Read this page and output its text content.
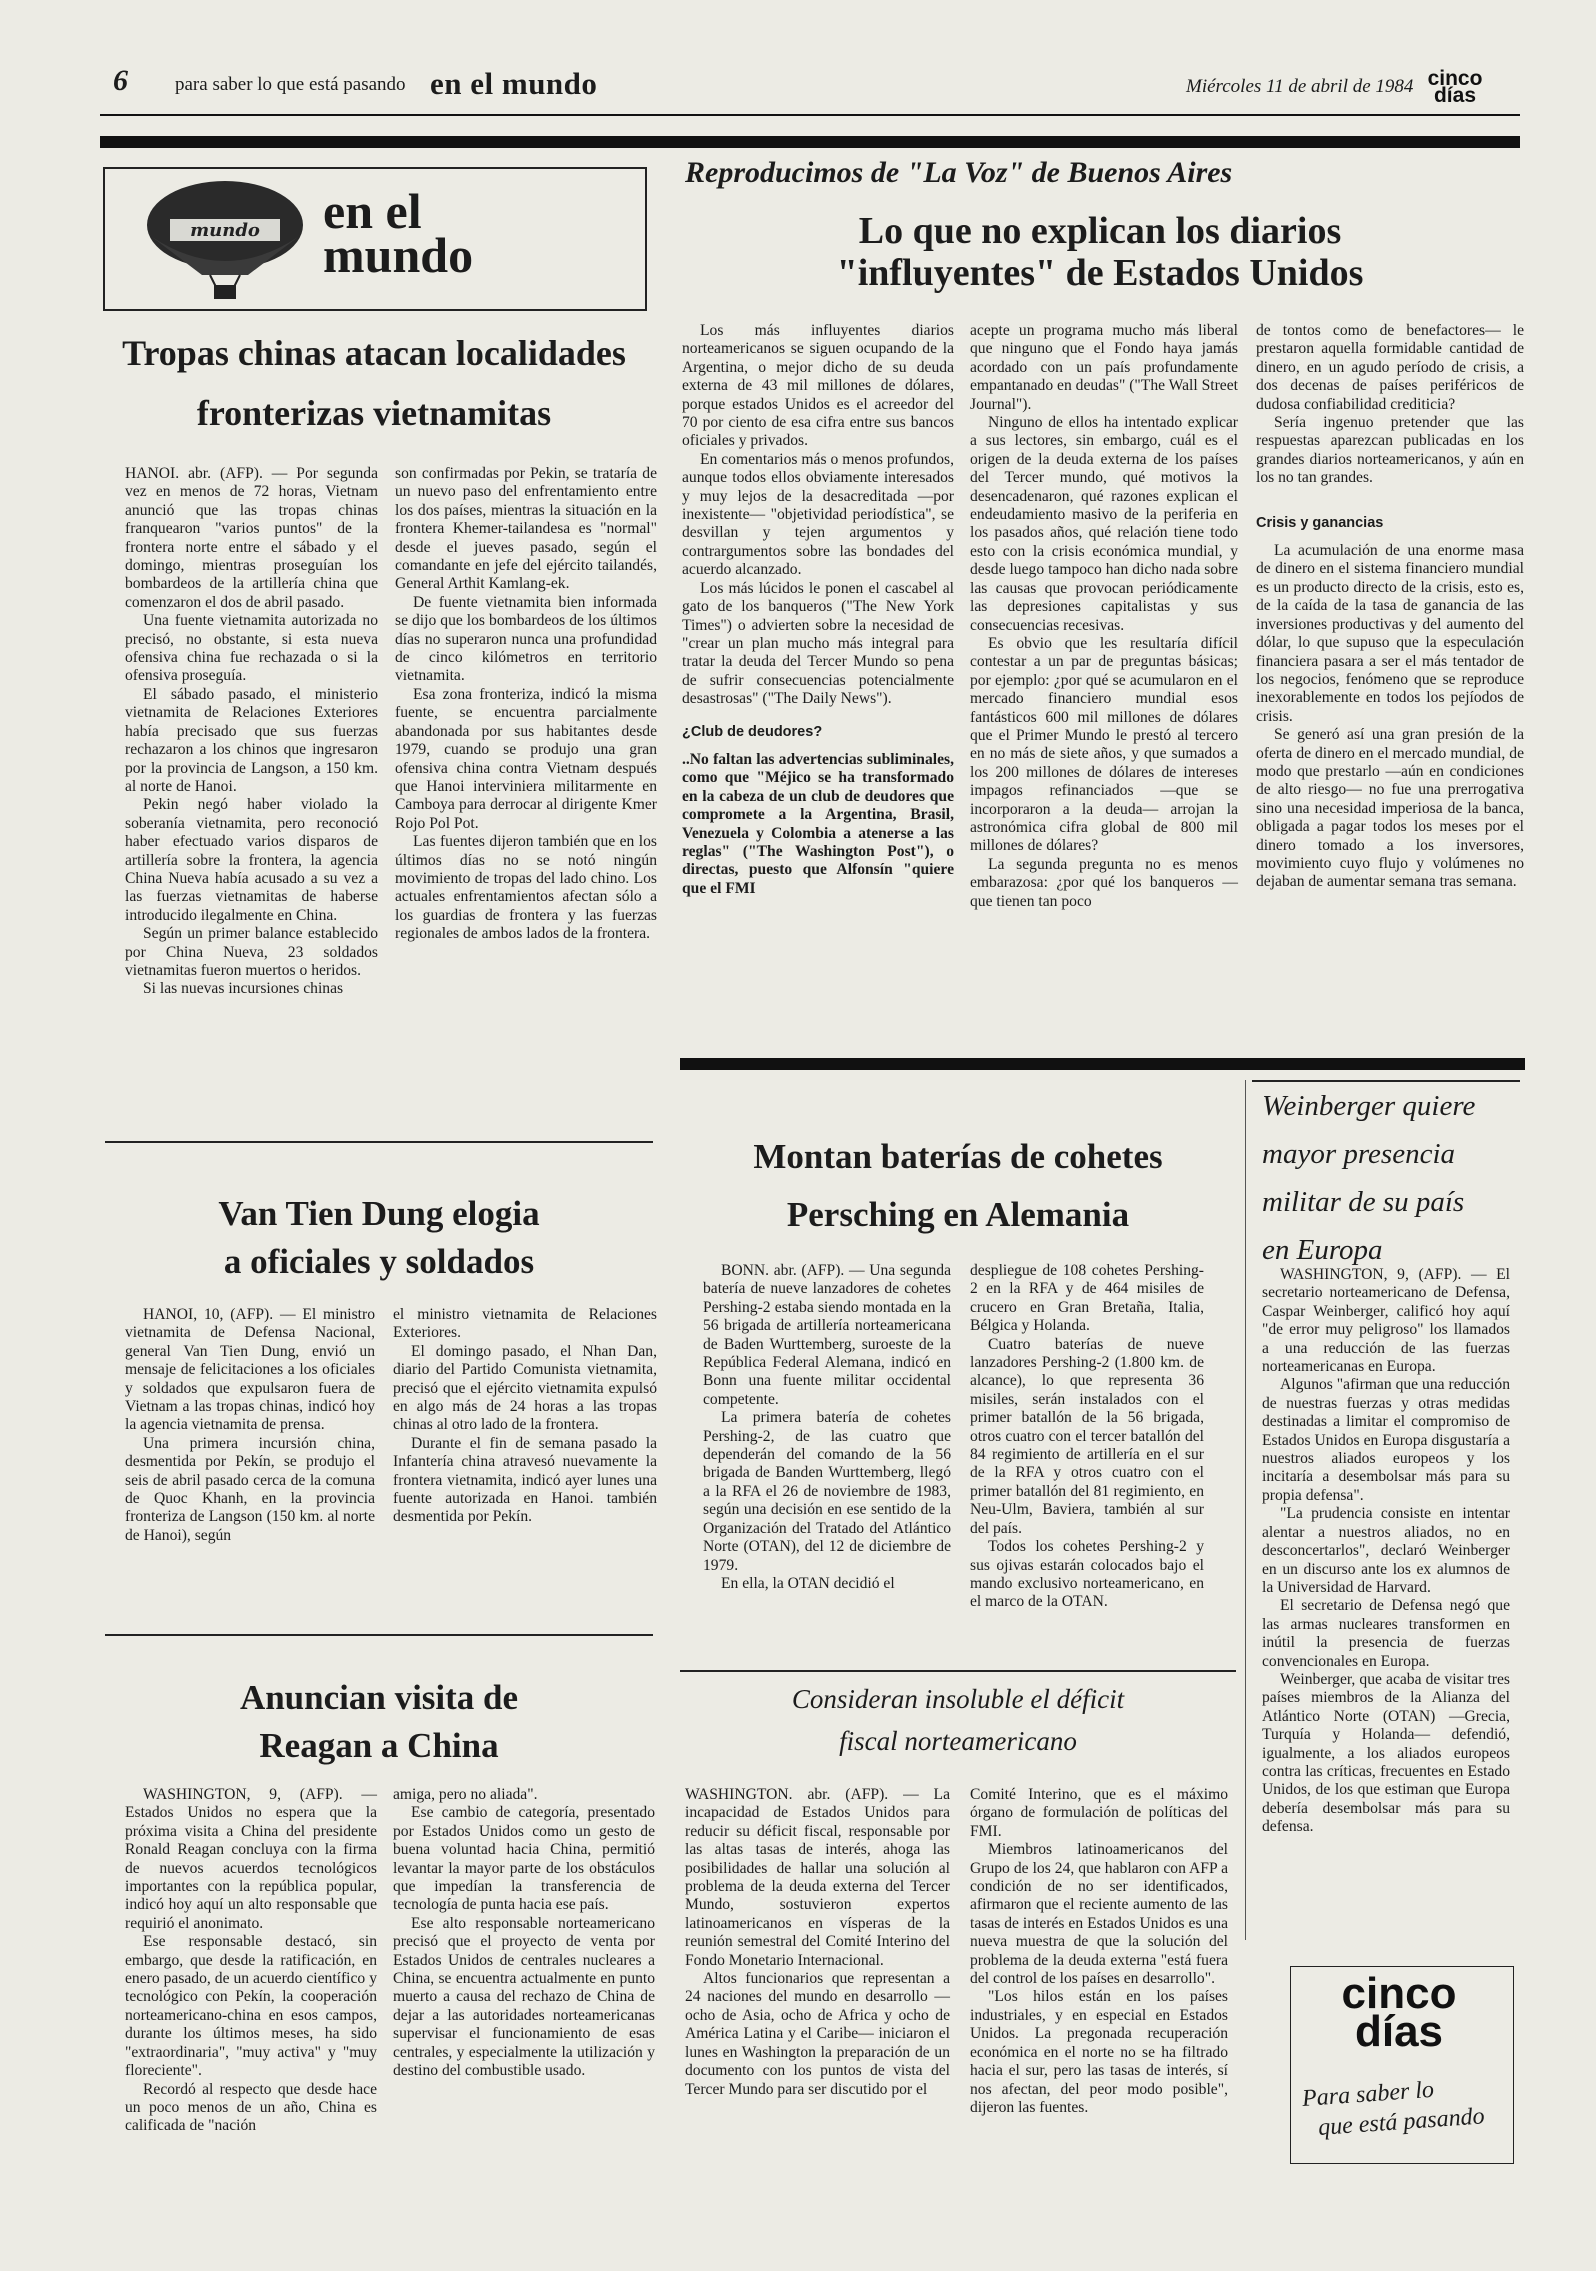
6 para saber lo que está pasando en el mundo	Miércoles 11 de abril de 1984 cinco
días
mundo en el
mundo
Tropas chinas atacan localidades
fronterizas vietnamitas

HANOI. abr. (AFP). — Por segunda vez en menos de 72 horas, Vietnam anunció que las tropas chinas franquearon "varios puntos" de la frontera norte entre el sábado y el domingo, mientras proseguían los bombardeos de la artillería china que comenzaron el dos de abril pasado.

Una fuente vietnamita autorizada no precisó, no obstante, si esta nueva ofensiva china fue rechazada o si la ofensiva proseguía.

El sábado pasado, el ministerio vietnamita de Relaciones Exteriores había precisado que sus fuerzas rechazaron a los chinos que ingresaron por la provincia de Langson, a 150 km. al norte de Hanoi.

Pekin negó haber violado la soberanía vietnamita, pero reconoció haber efectuado varios disparos de artillería sobre la frontera, la agencia China Nueva había acusado a su vez a las fuerzas vietnamitas de haberse introducido ilegalmente en China.

Según un primer balance establecido por China Nueva, 23 soldados vietnamitas fueron muertos o heridos.

Si las nuevas incursiones chinas

son confirmadas por Pekin, se trataría de un nuevo paso del enfrentamiento entre los dos países, mientras la situación en la frontera Khemer-tailandesa es "normal" desde el jueves pasado, según el comandante en jefe del ejército tailandés, General Arthit Kamlang-ek.

De fuente vietnamita bien informada se dijo que los bombardeos de los últimos días no superaron nunca una profundidad de cinco kilómetros en territorio vietnamita.

Esa zona fronteriza, indicó la misma fuente, se encuentra parcialmente abandonada por sus habitantes desde 1979, cuando se produjo una gran ofensiva china contra Vietnam después que Hanoi interviniera militarmente en Camboya para derrocar al dirigente Kmer Rojo Pol Pot.

Las fuentes dijeron también que en los últimos días no se notó ningún movimiento de tropas del lado chino. Los actuales enfrentamientos afectan sólo a los guardias de frontera y las fuerzas regionales de ambos lados de la frontera.

Reproducimos de "La Voz" de Buenos Aires
Lo que no explican los diarios
"influyentes" de Estados Unidos

Los más influyentes diarios norteamericanos se siguen ocupando de la Argentina, o mejor dicho de su deuda externa de 43 mil millones de dólares, porque estados Unidos es el acreedor del 70 por ciento de esa cifra entre sus bancos oficiales y privados.

En comentarios más o menos profundos, aunque todos ellos obviamente interesados y muy lejos de la desacreditada —por inexistente— "objetividad periodística", se desvillan y tejen argumentos y contrargumentos sobre las bondades del acuerdo alcanzado.

Los más lúcidos le ponen el cascabel al gato de los banqueros ("The New York Times") o advierten sobre la necesidad de "crear un plan mucho más integral para tratar la deuda del Tercer Mundo so pena de sufrir consecuencias potencialmente desastrosas" ("The Daily News").

¿Club de deudores?

..No faltan las advertencias subliminales, como que "Méjico se ha transformado en la cabeza de un club de deudores que compromete a la Argentina, Brasil, Venezuela y Colombia a atenerse a las reglas" ("The Washington Post"), o directas, puesto que Alfonsín "quiere que el FMI

acepte un programa mucho más liberal que ninguno que el Fondo haya jamás acordado con un país profundamente empantanado en deudas" ("The Wall Street Journal").

Ninguno de ellos ha intentado explicar a sus lectores, sin embargo, cuál es el origen de la deuda externa de los países del Tercer mundo, qué motivos la desencadenaron, qué razones explican el endeudamiento masivo de la periferia en los pasados años, qué relación tiene todo esto con la crisis económica mundial, y desde luego tampoco han dicho nada sobre las causas que provocan periódicamente las depresiones capitalistas y sus consecuencias recesivas.

Es obvio que les resultaría difícil contestar a un par de preguntas básicas; por ejemplo: ¿por qué se acumularon en el mercado financiero mundial esos fantásticos 600 mil millones de dólares que el Primer Mundo le prestó al tercero en no más de siete años, y que sumados a los 200 millones de dólares de intereses impagos refinanciados —que se incorporaron a la deuda— arrojan la astronómica cifra global de 800 mil millones de dólares?

La segunda pregunta no es menos embarazosa: ¿por qué los banqueros —que tienen tan poco

de tontos como de benefactores— le prestaron aquella formidable cantidad de dinero, en un agudo período de crisis, a dos decenas de países periféricos de dudosa confiabilidad crediticia?

Sería ingenuo pretender que las respuestas aparezcan publicadas en los grandes diarios norteamericanos, y aún en los no tan grandes.

Crisis y ganancias

La acumulación de una enorme masa de dinero en el sistema financiero mundial es un producto directo de la crisis, esto es, de la caída de la tasa de ganancia de las inversiones productivas y del aumento del dólar, lo que supuso que la especulación financiera pasara a ser el más tentador de los negocios, fenómeno que se reproduce inexorablemente en todos los pejíodos de crisis.

Se generó así una gran presión de la oferta de dinero en el mercado mundial, de modo que prestarlo —aún en condiciones de alto riesgo— no fue una prerrogativa sino una necesidad imperiosa de la banca, obligada a pagar todos los meses por el dinero tomado a los inversores, movimiento cuyo flujo y volúmenes no dejaban de aumentar semana tras semana.

Van Tien Dung elogia
a oficiales y soldados

HANOI, 10, (AFP). — El ministro vietnamita de Defensa Nacional, general Van Tien Dung, envió un mensaje de felicitaciones a los oficiales y soldados que expulsaron fuera de Vietnam a las tropas chinas, indicó hoy la agencia vietnamita de prensa.

Una primera incursión china, desmentida por Pekín, se produjo el seis de abril pasado cerca de la comuna de Quoc Khanh, en la provincia fronteriza de Langson (150 km. al norte de Hanoi), según

el ministro vietnamita de Relaciones Exteriores.

El domingo pasado, el Nhan Dan, diario del Partido Comunista vietnamita, precisó que el ejército vietnamita expulsó en algo más de 24 horas a las tropas chinas al otro lado de la frontera.

Durante el fin de semana pasado la Infantería china atravesó nuevamente la frontera vietnamita, indicó ayer lunes una fuente autorizada en Hanoi. también desmentida por Pekín.

Montan baterías de cohetes
Persching en Alemania

BONN. abr. (AFP). — Una segunda batería de nueve lanzadores de cohetes Pershing-2 estaba siendo montada en la 56 brigada de artillería norteamericana de Baden Wurttemberg, suroeste de la República Federal Alemana, indicó en Bonn una fuente militar occidental competente.

La primera batería de cohetes Pershing-2, de las cuatro que dependerán del comando de la 56 brigada de Banden Wurttemberg, llegó a la RFA el 26 de noviembre de 1983, según una decisión en ese sentido de la Organización del Tratado del Atlántico Norte (OTAN), del 12 de diciembre de 1979.

En ella, la OTAN decidió el

despliegue de 108 cohetes Pershing-2 en la RFA y de 464 misiles de crucero en Gran Bretaña, Italia, Bélgica y Holanda.

Cuatro baterías de nueve lanzadores Pershing-2 (1.800 km. de alcance), lo que representa 36 misiles, serán instalados con el primer batallón de la 56 brigada, otros cuatro con el tercer batallón del 84 regimiento de artillería en el sur de la RFA y otros cuatro con el primer batallón del 81 regimiento, en Neu-Ulm, Baviera, también al sur del país.

Todos los cohetes Pershing-2 y sus ojivas estarán colocados bajo el mando exclusivo norteamericano, en el marco de la OTAN.

Weinberger quiere
mayor presencia
militar de su país
en Europa

WASHINGTON, 9, (AFP). — El secretario norteamericano de Defensa, Caspar Weinberger, calificó hoy aquí "de error muy peligroso" los llamados a una reducción de las fuerzas norteamericanas en Europa.

Algunos "afirman que una reducción de nuestras fuerzas y otras medidas destinadas a limitar el compromiso de Estados Unidos en Europa disgustaría a nuestros aliados europeos y los incitaría a desembolsar más para su propia defensa".

"La prudencia consiste en intentar alentar a nuestros aliados, no en desconcertarlos", declaró Weinberger en un discurso ante los ex alumnos de la Universidad de Harvard.

El secretario de Defensa negó que las armas nucleares transformen en inútil la presencia de fuerzas convencionales en Europa.

Weinberger, que acaba de visitar tres países miembros de la Alianza del Atlántico Norte (OTAN) —Grecia, Turquía y Holanda— defendió, igualmente, a los aliados europeos contra las críticas, frecuentes en Estado Unidos, de los que estiman que Europa debería desembolsar más para su defensa.

Anuncian visita de
Reagan a China

WASHINGTON, 9, (AFP). — Estados Unidos no espera que la próxima visita a China del presidente Ronald Reagan concluya con la firma de nuevos acuerdos tecnológicos importantes con la república popular, indicó hoy aquí un alto responsable que requirió el anonimato.

Ese responsable destacó, sin embargo, que desde la ratificación, en enero pasado, de un acuerdo científico y tecnológico con Pekín, la cooperación norteamericano-china en esos campos, durante los últimos meses, ha sido "extraordinaria", "muy activa" y "muy floreciente".

Recordó al respecto que desde hace un poco menos de un año, China es calificada de "nación

amiga, pero no aliada".

Ese cambio de categoría, presentado por Estados Unidos como un gesto de buena voluntad hacia China, permitió levantar la mayor parte de los obstáculos que impedían la transferencia de tecnología de punta hacia ese país.

Ese alto responsable norteamericano precisó que el proyecto de venta por Estados Unidos de centrales nucleares a China, se encuentra actualmente en punto muerto a causa del rechazo de China de dejar a las autoridades norteamericanas supervisar el funcionamiento de esas centrales, y especialmente la utilización y destino del combustible usado.

Consideran insoluble el déficit
fiscal norteamericano

WASHINGTON. abr. (AFP). — La incapacidad de Estados Unidos para reducir su déficit fiscal, responsable por las altas tasas de interés, ahoga las posibilidades de hallar una solución al problema de la deuda externa del Tercer Mundo, sostuvieron expertos latinoamericanos en vísperas de la reunión semestral del Comité Interino del Fondo Monetario Internacional.

Altos funcionarios que representan a 24 naciones del mundo en desarrollo —ocho de Asia, ocho de Africa y ocho de América Latina y el Caribe— iniciaron el lunes en Washington la preparación de un documento con los puntos de vista del Tercer Mundo para ser discutido por el

Comité Interino, que es el máximo órgano de formulación de políticas del FMI.

Miembros latinoamericanos del Grupo de los 24, que hablaron con AFP a condición de no ser identificados, afirmaron que el reciente aumento de las tasas de interés en Estados Unidos es una nueva muestra de que la solución del problema de la deuda externa "está fuera del control de los países en desarrollo".

"Los hilos están en los países industriales, y en especial en Estados Unidos. La pregonada recuperación económica en el norte no se ha filtrado hacia el sur, pero las tasas de interés, sí nos afectan, del peor modo posible", dijeron las fuentes.

cinco
días
Para saber lo
que está pasando
